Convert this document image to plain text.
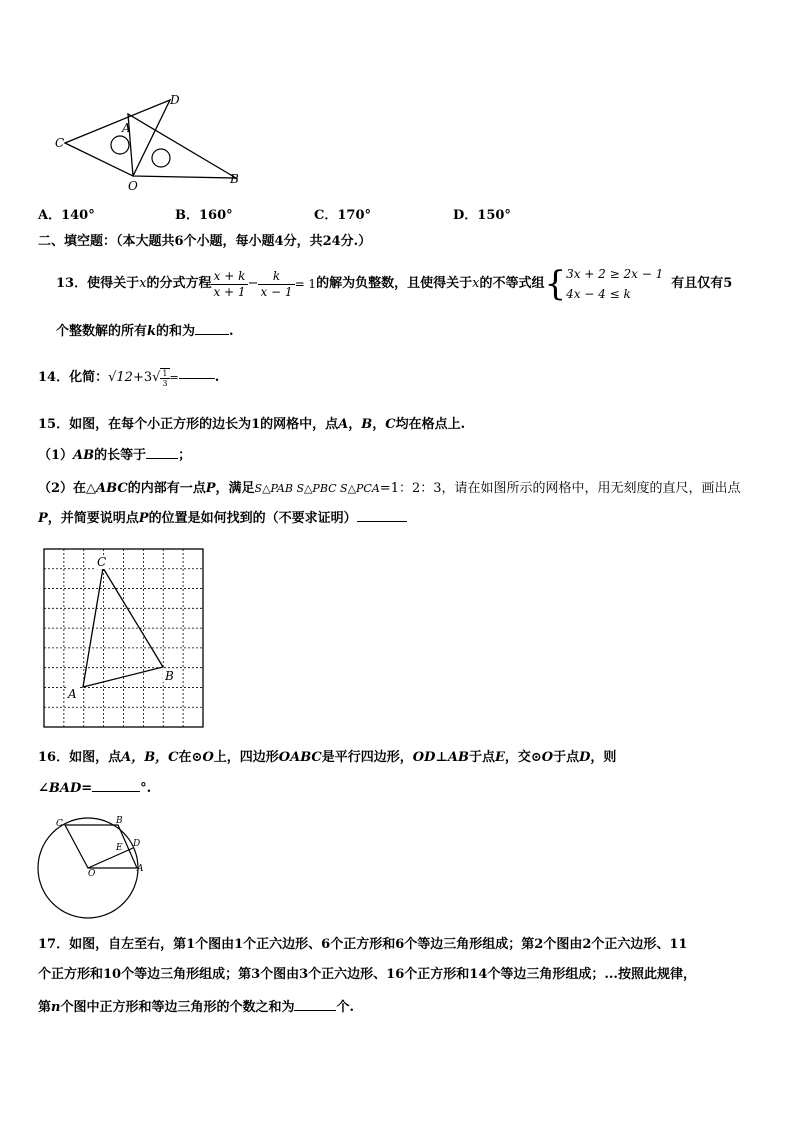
C
A
D
O	B
A．140°	B．160°	C．170°	D．150°
二、填空题：（本大题共6个小题，每小题4分，共24分.）
13． 使得关于 x 的分式方程 $\frac{x + k}{x + 1} - \frac{k}{x - 1} = 1$ 的解为负整数，且使得关于 x 的不等式组 { 3x + 2 ≥ 2x − 1
4x − 4 ≤ k
有且仅有5
个整数解的所有k的和为	.
14． 化简： √12 +3 √ $\frac{1}{3}$ =	.
15．如图，在每个小正方形的边长为1的网格中，点A，B，C均在格点上.
（1）AB的长等于 ；
（2）在△ABC的内部有一点P，满足S△PAB S△PBC S△PCA=1：2：3，请在如图所示的网格中，用无刻度的直尺，画出点
P，并简要说明点P的位置是如何找到的（不要求证明）
C
A
B
16．如图，点A，B，C在⊙O上，四边形OABC是平行四边形，OD⊥AB于点E，交⊙O于点D，则
∠BAD=	°.
C	B
D
E
O	A
17．如图，自左至右，第1个图由1个正六边形、6个正方形和6个等边三角形组成；第2个图由2个正六边形、11
个正方形和10个等边三角形组成；第3个图由3个正六边形、16个正方形和14个等边三角形组成；...按照此规律，
第n个图中正方形和等边三角形的个数之和为	个.
